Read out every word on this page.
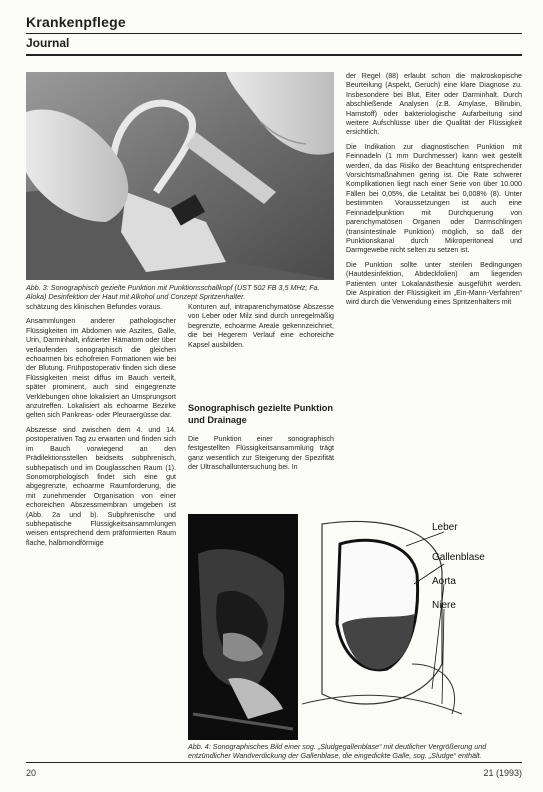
Krankenpflege
Journal
Abb. 3: Sonographisch gezielte Punktion mit Punktionsschallkopf (UST 502 FB 3,5 MHz; Fa. Aloka) Desinfektion der Haut mit Alkohol und Conzept Spritzenhalter.

schätzung des klinischen Befundes voraus.

Ansammlungen anderer pathologischer Flüssigkeiten im Abdomen wie Aszites, Galle, Urin, Darminhalt, infizierter Hämatom oder über verlaufenden sonographisch die gleichen echoarmen bis echofreien Formationen wie bei der Blutung. Frühpostoperativ finden sich diese Flüssigkeiten meist diffus im Bauch verteilt, später prominent, auch sind eingegrenzte Verklebungen ohne lokalisiert an Umsprungsort anzutreffen. Lokalisiert als echoarme Bezirke gelten sich Pankreas- oder Pleuraergüsse dar.

Abszesse sind zwischen dem 4. und 14. postoperativen Tag zu erwarten und finden sich im Bauch vorwiegend an den Prädilektionsstellen beidseits subphrenisch, subhepatisch und im Douglasschen Raum (1). Sonomorphologisch findet sich eine gut abgegrenzte, echoarme Raumforderung, die mit zunehmender Organisation von einer echoreichen Abszessmembran umgeben ist (Abb. 2a und b). Subphrenische und subhepatische Flüssigkeitsansammlungen weisen entsprechend dem präformierten Raum flache, halbmondförmige

Konturen auf, intraparenchymatöse Abszesse von Leber oder Milz sind durch unregelmäßig begrenzte, echoarme Areale gekennzeichnet, die bei Hegerem Verlauf eine echoreiche Kapsel ausbilden.

Sonographisch gezielte Punktion und Drainage

Die Punktion einer sonographisch festgestellten Flüssigkeitsansammlung trägt ganz wesentlich zur Steigerung der Spezifität der Ultraschalluntersuchung bei. In

der Regel (88) erlaubt schon die makroskopische Beurteilung (Aspekt, Geruch) eine klare Diagnose zu. Insbesondere bei Blut, Eiter oder Darminhalt. Durch abschließende Analysen (z.B. Amylase, Bilirubin, Harnstoff) oder bakteriologische Aufarbeitung sind weitere Aufschlüsse über die Qualität der Flüssigkeit ersichtlich.

Die Indikation zur diagnostischen Punktion mit Feinnadeln (1 mm Durchmesser) kann weit gestellt werden, da das Risiko der Beachtung entsprechender Vorsichtsmaßnahmen gering ist. Die Rate schwerer Komplikationen liegt nach einer Serie von über 10.000 Fällen bei 0,05%, die Letalität bei 0,008% (8). Unter bestimmten Voraussetzungen ist auch eine Feinnadelpunktion mit Durchquerung von parenchymatösen Organen oder Darmschlingen (transintestinale Punktion) möglich, so daß der Punktionskanal durch Mikroperitoneal und Darmgewebe nicht selten zu setzen ist.

Die Punktion sollte unter sterilen Bedingungen (Hautdesinfektion, Abdeckfolien) am liegenden Patienten unter Lokalanästhesie ausgeführt werden. Die Aspiration der Flüssigkeit im „Ein-Mann-Verfahren“ wird durch die Verwendung eines Spritzenhalters mit

Leber
Gallenblase
Aorta
Niere
Abb. 4: Sonographisches Bild einer sog. „Sludgegallenblase“ mit deutlicher Vergrößerung und entzündlicher Wandverdickung der Gallenblase, die eingedickte Galle, sog. „Sludge“ enthält.
20	21 (1993)
